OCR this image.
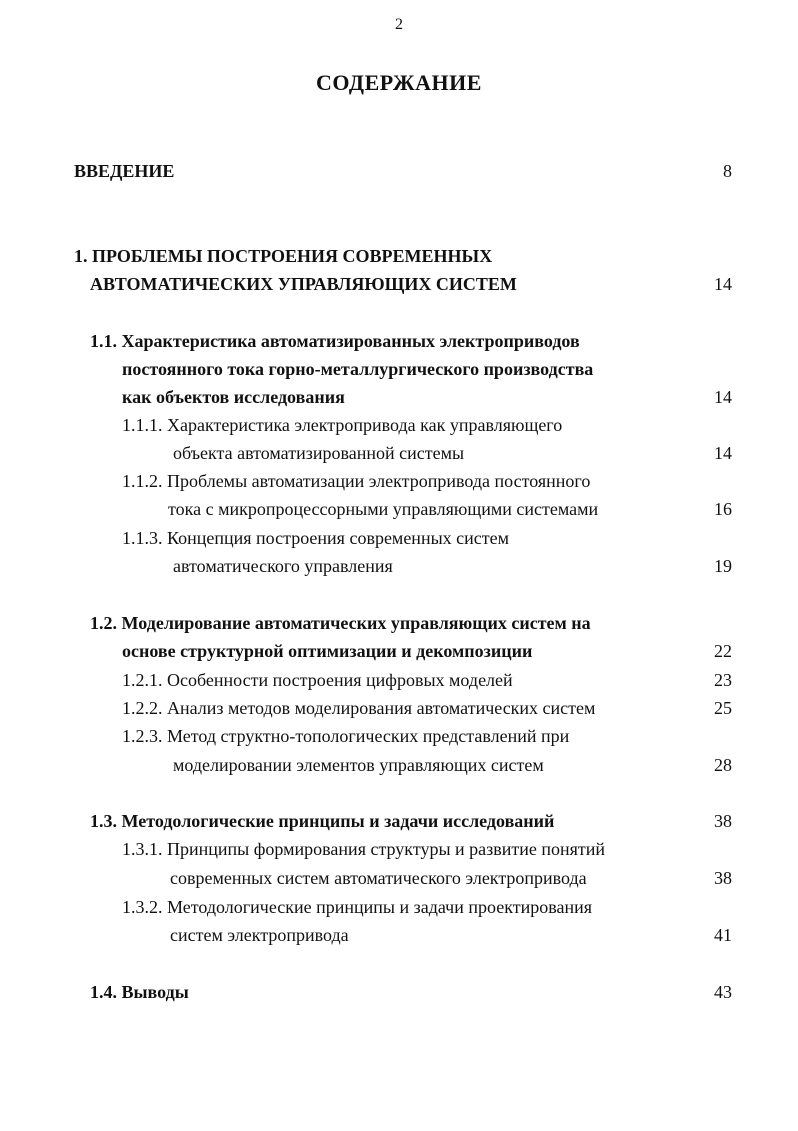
2
СОДЕРЖАНИЕ
ВВЕДЕНИЕ	8
1. ПРОБЛЕМЫ ПОСТРОЕНИЯ СОВРЕМЕННЫХ
АВТОМАТИЧЕСКИХ УПРАВЛЯЮЩИХ СИСТЕМ	14
1.1. Характеристика автоматизированных электроприводов
постоянного тока горно-металлургического производства
как объектов исследования	14
1.1.1. Характеристика электропривода как управляющего
объекта автоматизированной системы	14
1.1.2. Проблемы автоматизации электропривода постоянного
тока с микропроцессорными управляющими системами	16
1.1.3. Концепция построения современных систем
автоматического управления	19
1.2. Моделирование автоматических управляющих систем на
основе структурной оптимизации и декомпозиции	22
1.2.1. Особенности построения цифровых моделей	23
1.2.2. Анализ методов моделирования автоматических систем	25
1.2.3. Метод структно-топологических представлений при
моделировании элементов управляющих систем	28
1.3. Методологические принципы и задачи исследований	38
1.3.1. Принципы формирования структуры и развитие понятий
современных систем автоматического электропривода	38
1.3.2. Методологические принципы и задачи проектирования
систем электропривода	41
1.4. Выводы	43
